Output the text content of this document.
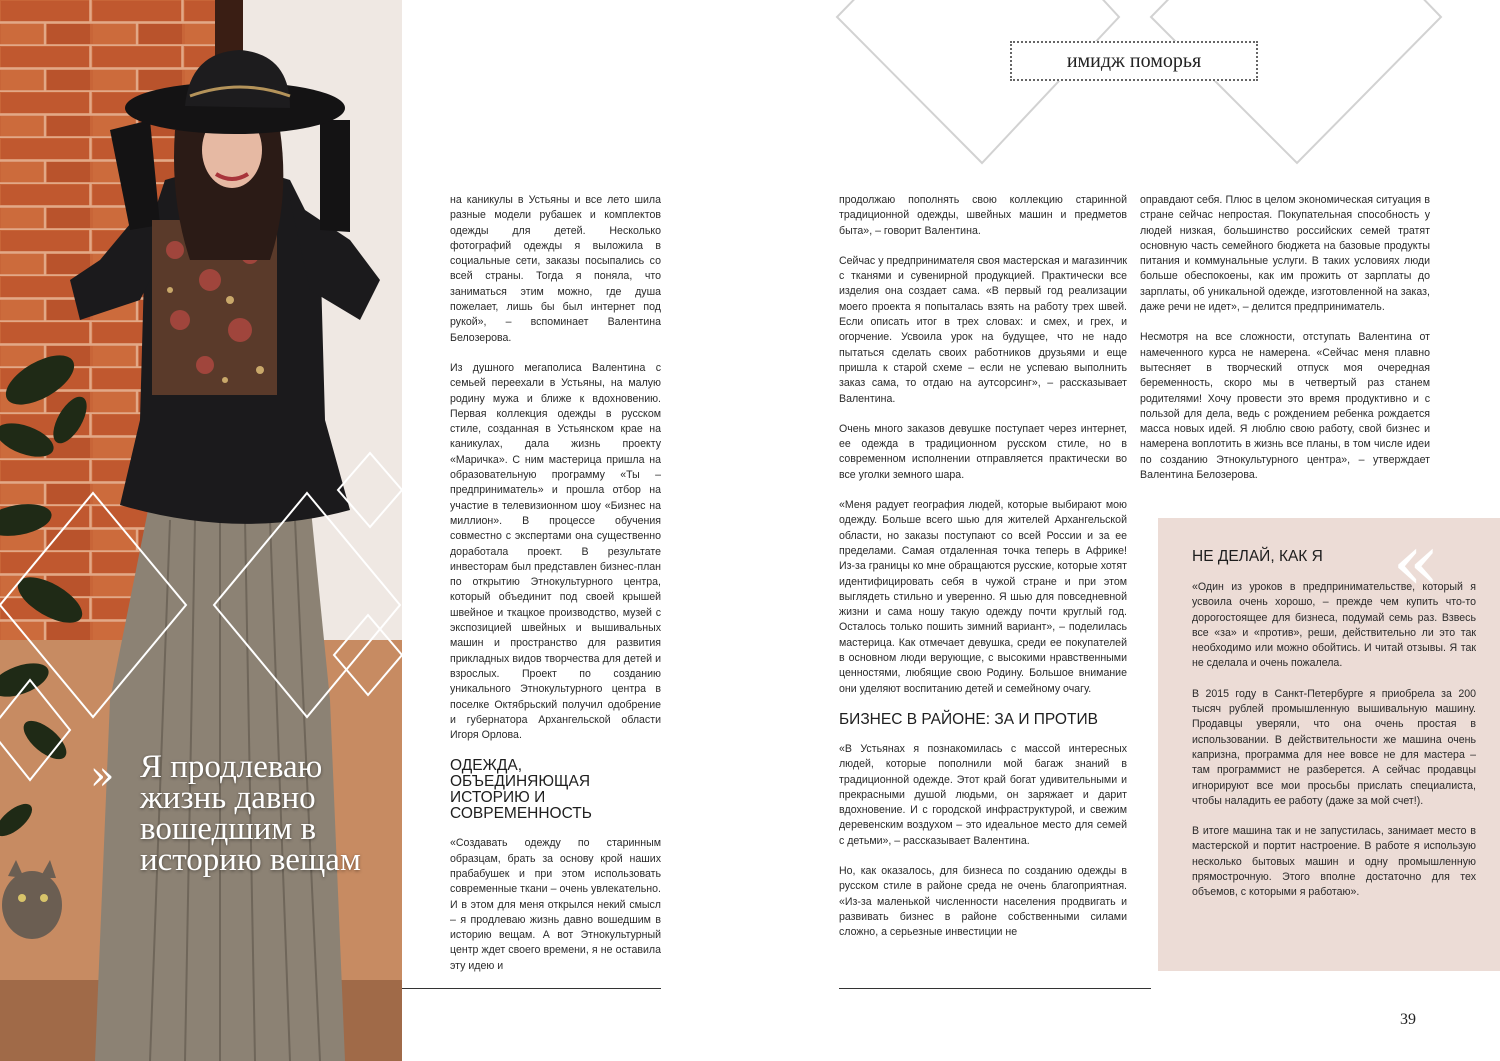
» Я продлеваю жизнь давно вошедшим в историю вещам
имидж поморья

на каникулы в Устьяны и все лето шила разные модели рубашек и комплектов одежды для детей. Несколько фотографий одежды я выложила в социальные сети, заказы посыпались со всей страны. Тогда я поняла, что заниматься этим можно, где душа пожелает, лишь бы был интернет под рукой», – вспоминает Валентина Белозерова.

Из душного мегаполиса Валентина с семьей переехали в Устьяны, на малую родину мужа и ближе к вдохновению. Первая коллекция одежды в русском стиле, созданная в Устьянском крае на каникулах, дала жизнь проекту «Маричка». С ним мастерица пришла на образовательную программу «Ты – предприниматель» и прошла отбор на участие в телевизионном шоу «Бизнес на миллион». В процессе обучения совместно с экспертами она существенно доработала проект. В результате инвесторам был представлен бизнес-план по открытию Этнокультурного центра, который объединит под своей крышей швейное и ткацкое производство, музей с экспозицией швейных и вышивальных машин и пространство для развития прикладных видов творчества для детей и взрослых. Проект по созданию уникального Этнокультурного центра в поселке Октябрьский получил одобрение и губернатора Архангельской области Игоря Орлова.

ОДЕЖДА, ОБЪЕДИНЯЮЩАЯ ИСТОРИЮ И СОВРЕМЕННОСТЬ

«Создавать одежду по старинным образцам, брать за основу крой наших прабабушек и при этом использовать современные ткани – очень увлекательно. И в этом для меня открылся некий смысл – я продлеваю жизнь давно вошедшим в историю вещам. А вот Этнокультурный центр ждет своего времени, я не оставила эту идею и

продолжаю пополнять свою коллекцию старинной традиционной одежды, швейных машин и предметов быта», – говорит Валентина.

Сейчас у предпринимателя своя мастерская и магазинчик с тканями и сувенирной продукцией. Практически все изделия она создает сама. «В первый год реализации моего проекта я попыталась взять на работу трех швей. Если описать итог в трех словах: и смех, и грех, и огорчение. Усвоила урок на будущее, что не надо пытаться сделать своих работников друзьями и еще пришла к старой схеме – если не успеваю выполнить заказ сама, то отдаю на аутсорсинг», – рассказывает Валентина.

Очень много заказов девушке поступает через интернет, ее одежда в традиционном русском стиле, но в современном исполнении отправляется практически во все уголки земного шара.

«Меня радует география людей, которые выбирают мою одежду. Больше всего шью для жителей Архангельской области, но заказы поступают со всей России и за ее пределами. Самая отдаленная точка теперь в Африке! Из-за границы ко мне обращаются русские, которые хотят идентифицировать себя в чужой стране и при этом выглядеть стильно и уверенно. Я шью для повседневной жизни и сама ношу такую одежду почти круглый год. Осталось только пошить зимний вариант», – поделилась мастерица. Как отмечает девушка, среди ее покупателей в основном люди верующие, с высокими нравственными ценностями, любящие свою Родину. Большое внимание они уделяют воспитанию детей и семейному очагу.

БИЗНЕС В РАЙОНЕ: ЗА И ПРОТИВ

«В Устьянах я познакомилась с массой интересных людей, которые пополнили мой багаж знаний в традиционной одежде. Этот край богат удивительными и прекрасными душой людьми, он заряжает и дарит вдохновение. И с городской инфраструктурой, и свежим деревенским воздухом – это идеальное место для семей с детьми», – рассказывает Валентина.

Но, как оказалось, для бизнеса по созданию одежды в русском стиле в районе среда не очень благоприятная. «Из-за маленькой численности населения продвигать и развивать бизнес в районе собственными силами сложно, а серьезные инвестиции не

оправдают себя. Плюс в целом экономическая ситуация в стране сейчас непростая. Покупательная способность у людей низкая, большинство российских семей тратят основную часть семейного бюджета на базовые продукты питания и коммунальные услуги. В таких условиях люди больше обеспокоены, как им прожить от зарплаты до зарплаты, об уникальной одежде, изготовленной на заказ, даже речи не идет», – делится предприниматель.

Несмотря на все сложности, отступать Валентина от намеченного курса не намерена. «Сейчас меня плавно вытесняет в творческий отпуск моя очередная беременность, скоро мы в четвертый раз станем родителями! Хочу провести это время продуктивно и с пользой для дела, ведь с рождением ребенка рождается масса новых идей. Я люблю свою работу, свой бизнес и намерена воплотить в жизнь все планы, в том числе идеи по созданию Этнокультурного центра», – утверждает Валентина Белозерова.

«
НЕ ДЕЛАЙ, КАК Я

«Один из уроков в предпринимательстве, который я усвоила очень хорошо, – прежде чем купить что-то дорогостоящее для бизнеса, подумай семь раз. Взвесь все «за» и «против», реши, действительно ли это так необходимо или можно обойтись. И читай отзывы. Я так не сделала и очень пожалела.

В 2015 году в Санкт-Петербурге я приобрела за 200 тысяч рублей промышленную вышивальную машину. Продавцы уверяли, что она очень простая в использовании. В действительности же машина очень капризна, программа для нее вовсе не для мастера – там программист не разберется. А сейчас продавцы игнорируют все мои просьбы прислать специалиста, чтобы наладить ее работу (даже за мой счет!).

В итоге машина так и не запустилась, занимает место в мастерской и портит настроение. В работе я использую несколько бытовых машин и одну промышленную прямострочную. Этого вполне достаточно для тех объемов, с которыми я работаю».

39
